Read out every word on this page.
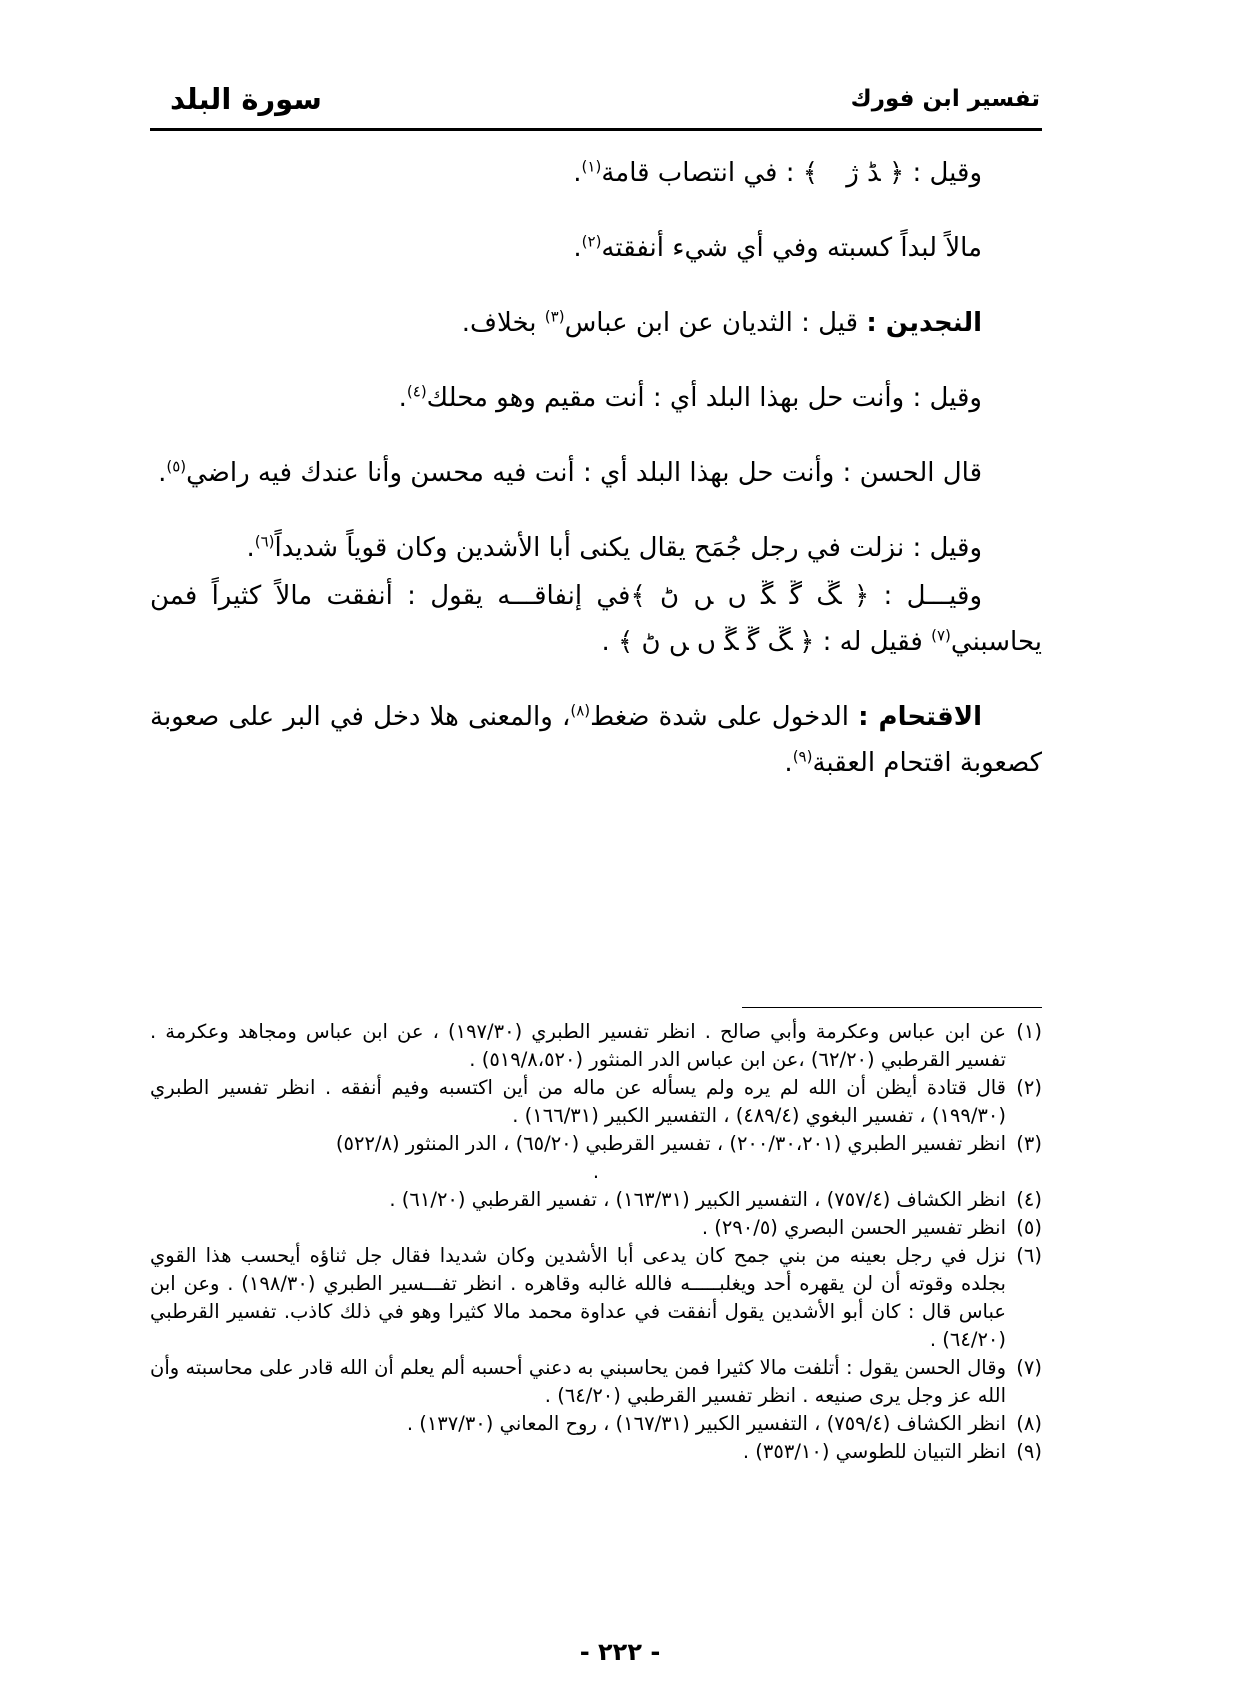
تفسير ابن فورك
سورة البلد

وقيل : ﴿ ﮉ ﮊ ﴾ : في انتصاب قامة$^{(١)}$.

مالاً لبداً كسبته وفي أي شيء أنفقته$^{(٢)}$.

النجدين : قيل : الثديان عن ابن عباس$^{(٣)}$ بخلاف.

وقيل : وأنت حل بهذا البلد أي : أنت مقيم وهو محلك$^{(٤)}$.

قال الحسن : وأنت حل بهذا البلد أي : أنت فيه محسن وأنا عندك فيه راضي$^{(٥)}$.

وقيل : نزلت في رجل جُمَح يقال يكنى أبا الأشدين وكان قوياً شديداً$^{(٦)}$.

وقيـــل : ﴿ ﮛ ﮜ ﮝ ﮞ ﮟ ﮠ ﴾في إنفاقـــه يقول : أنفقت مالاً كثيراً فمن يحاسبني$^{(٧)}$ فقيل له : ﴿ ﮛ ﮜ ﮝ ﮞ ﮟ ﮠ ﴾ .

الاقتحام : الدخول على شدة ضغط$^{(٨)}$، والمعنى هلا دخل في البر على صعوبة كصعوبة اقتحام العقبة$^{(٩)}$.

(١)
عن ابن عباس وعكرمة وأبي صالح . انظر تفسير الطبري (١٩٧/٣٠) ، عن ابن عباس ومجاهد وعكرمة . تفسير القرطبي (٦٢/٢٠) ،عن ابن عباس الدر المنثور (٥١٩/٨،٥٢٠) .

(٢)
قال قتادة أيظن أن الله لم يره ولم يسأله عن ماله من أين اكتسبه وفيم أنفقه . انظر تفسير الطبري (١٩٩/٣٠) ، تفسير البغوي (٤٨٩/٤) ، التفسير الكبير (١٦٦/٣١) .

(٣)
انظر تفسير الطبري (٢٠٠/٣٠،٢٠١) ، تفسير القرطبي (٦٥/٢٠) ، الدر المنثور (٥٢٢/٨)

.

(٤)
انظر الكشاف (٧٥٧/٤) ، التفسير الكبير (١٦٣/٣١) ، تفسير القرطبي (٦١/٢٠) .

(٥)
انظر تفسير الحسن البصري (٢٩٠/٥) .

(٦)
نزل في رجل بعينه من بني جمح كان يدعى أبا الأشدين وكان شديدا فقال جل ثناؤه أيحسب هذا القوي بجلده وقوته أن لن يقهره أحد ويغلبـــــه فالله غالبه وقاهره . انظر تفـــسير الطبري (١٩٨/٣٠) . وعن ابن عباس قال : كان أبو الأشدين يقول أنفقت في عداوة محمد مالا كثيرا وهو في ذلك كاذب. تفسير القرطبي (٦٤/٢٠) .

(٧)
وقال الحسن يقول : أتلفت مالا كثيرا فمن يحاسبني به دعني أحسبه ألم يعلم أن الله قادر على محاسبته وأن الله عز وجل يرى صنيعه . انظر تفسير القرطبي (٦٤/٢٠) .

(٨)
انظر الكشاف (٧٥٩/٤) ، التفسير الكبير (١٦٧/٣١) ، روح المعاني (١٣٧/٣٠) .

(٩)
انظر التبيان للطوسي (٣٥٣/١٠) .

- ٢٢٢ -
